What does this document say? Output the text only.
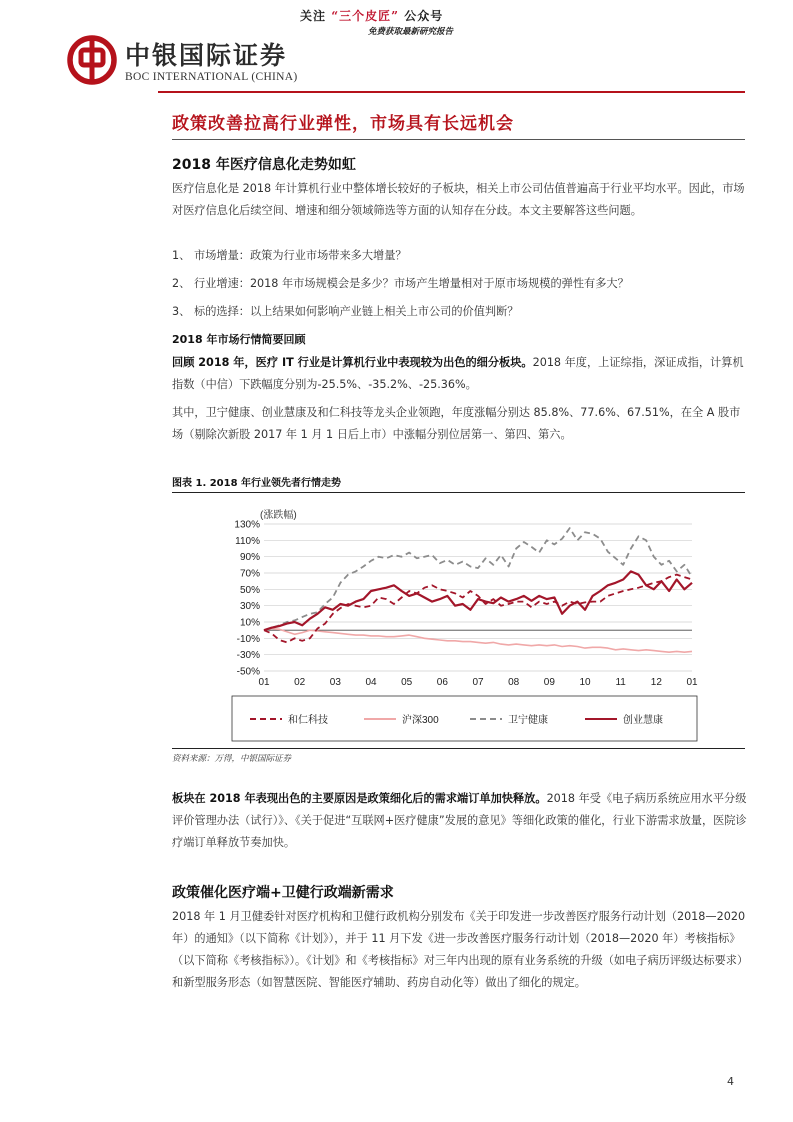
关注 “三个皮匠” 公众号
免费获取最新研究报告
中银国际证券
BOC INTERNATIONAL (CHINA)
政策改善拉高行业弹性，市场具有长远机会
2018 年医疗信息化走势如虹
医疗信息化是 2018 年计算机行业中整体增长较好的子板块，相关上市公司估值普遍高于行业平均水平。因此，市场对医疗信息化后续空间、增速和细分领域筛选等方面的认知存在分歧。本文主要解答这些问题。
1、 市场增量：政策为行业市场带来多大增量？
2、 行业增速：2018 年市场规模会是多少？市场产生增量相对于原市场规模的弹性有多大？
3、 标的选择：以上结果如何影响产业链上相关上市公司的价值判断？
2018 年市场行情简要回顾
回顾 2018 年，医疗 IT 行业是计算机行业中表现较为出色的细分板块。2018 年度，上证综指，深证成指，计算机指数（中信）下跌幅度分别为-25.5%、-35.2%、-25.36%。
其中，卫宁健康、创业慧康及和仁科技等龙头企业领跑，年度涨幅分别达 85.8%、77.6%、67.51%，在全 A 股市场（剔除次新股 2017 年 1 月 1 日后上市）中涨幅分别位居第一、第四、第六。
图表 1. 2018 年行业领先者行情走势
130%
110%
90%
70%
50%
30%
10%
-10%
-30%
-50%
01 02 03 04 05 06 07 08 09 10 11 12 01
(涨跌幅)
和仁科技	沪深300	卫宁健康	创业慧康
资料来源：万得，中银国际证券
板块在 2018 年表现出色的主要原因是政策细化后的需求端订单加快释放。2018 年受《电子病历系统应用水平分级评价管理办法（试行）》、《关于促进“互联网+医疗健康”发展的意见》等细化政策的催化，行业下游需求放量，医院诊疗端订单释放节奏加快。
政策催化医疗端+卫健行政端新需求
2018 年 1 月卫健委针对医疗机构和卫健行政机构分别发布《关于印发进一步改善医疗服务行动计划（2018—2020 年）的通知》（以下简称《计划》），并于 11 月下发《进一步改善医疗服务行动计划（2018—2020 年）考核指标》（以下简称《考核指标》）。《计划》和《考核指标》对三年内出现的原有业务系统的升级（如电子病历评级达标要求）和新型服务形态（如智慧医院、智能医疗辅助、药房自动化等）做出了细化的规定。
4
